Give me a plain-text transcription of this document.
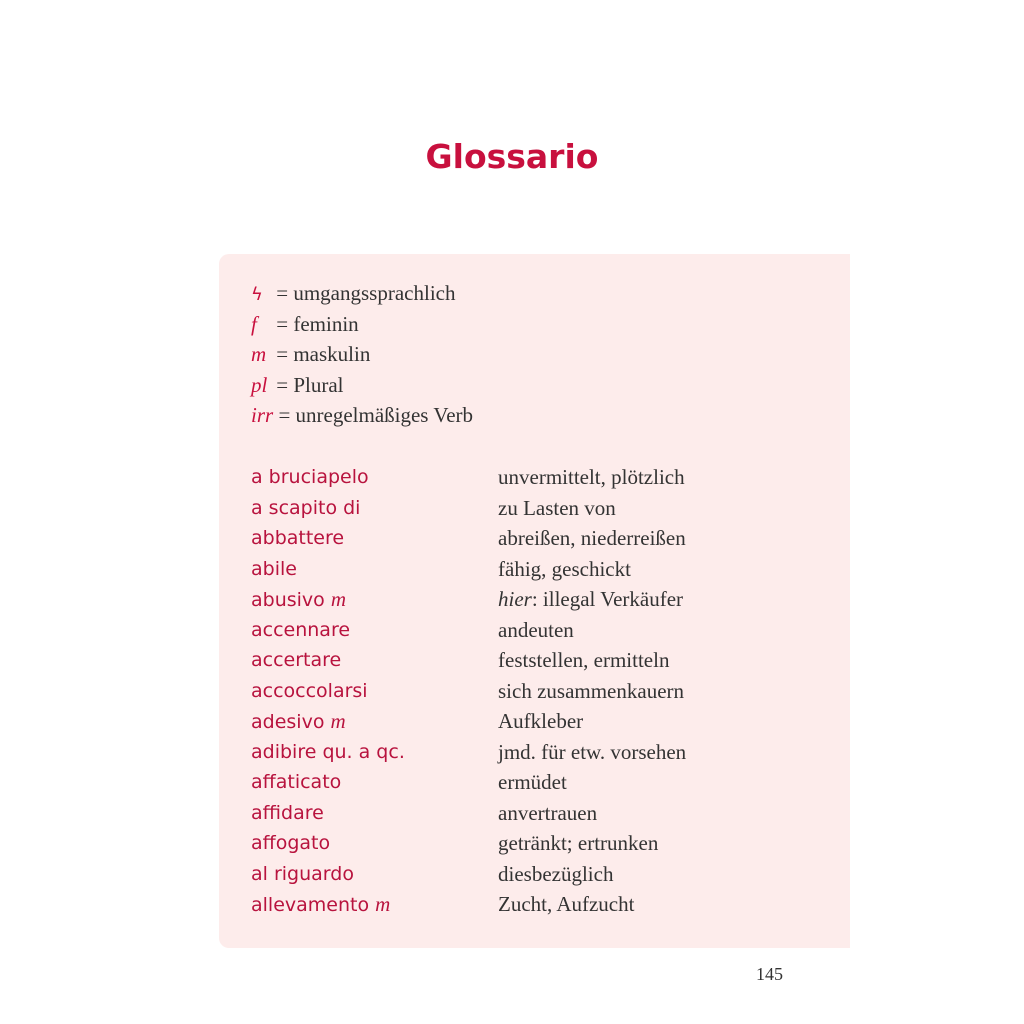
Glossario
ϟ = umgangssprachlich
f = feminin
m = maskulin
pl = Plural
irr = unregelmäßiges Verb
a bruciapelo	unvermittelt, plötzlich
a scapito di	zu Lasten von
abbattere	abreißen, niederreißen
abile	fähig, geschickt
abusivo m	hier: illegal Verkäufer
accennare	andeuten
accertare	feststellen, ermitteln
accoccolarsi	sich zusammenkauern
adesivo m	Aufkleber
adibire qu. a qc.	jmd. für etw. vorsehen
affaticato	ermüdet
affidare	anvertrauen
affogato	getränkt; ertrunken
al riguardo	diesbezüglich
allevamento m	Zucht, Aufzucht
145
